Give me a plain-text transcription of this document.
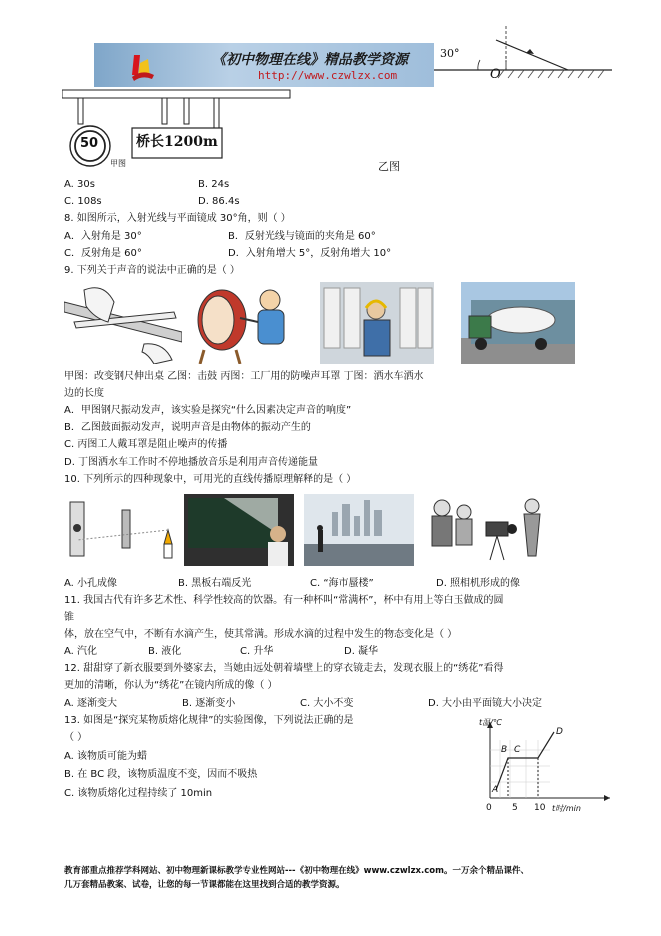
《初中物理在线》精品教学资源
http://www.czwlzx.com
30°
O
50	桥长1200m
甲图	乙图
A. 30s	B. 24s
C. 108s	D. 86.4s
8. 如图所示，入射光线与平面镜成 30°角，则（ ）
A．入射角是 30°	B．反射光线与镜面的夹角是 60°
C．反射角是 60°	D．入射角增大 5°，反射角增大 10°
9. 下列关于声音的说法中正确的是（ ）
甲图：改变钢尺伸出桌 乙图：击鼓 丙图：工厂用的防噪声耳罩 丁图：洒水车洒水
边的长度
A．甲图钢尺振动发声，该实验是探究“什么因素决定声音的响度”
B．乙图鼓面振动发声，说明声音是由物体的振动产生的
C. 丙图工人戴耳罩是阻止噪声的传播
D. 丁图洒水车工作时不停地播放音乐是利用声音传递能量
10. 下列所示的四种现象中，可用光的直线传播原理解释的是（ ）
A. 小孔成像	B. 黑板右端反光	C. “海市蜃楼”	D. 照相机形成的像
11. 我国古代有许多艺术性、科学性较高的饮器。有一种杯叫“常满杯”，杯中有用上等白玉做成的圆
锥
体，放在空气中，不断有水滴产生，使其常满。形成水滴的过程中发生的物态变化是（ ）
A. 汽化	B. 液化	C. 升华	D. 凝华
12. 甜甜穿了新衣服要到外婆家去，当她由远处朝着墙壁上的穿衣镜走去，发现衣服上的“绣花”看得
更加的清晰，你认为“绣花”在镜内所成的像（ ）
A. 逐渐变大	B. 逐渐变小	C. 大小不变	D. 大小由平面镜大小决定
13. 如图是“探究某物质熔化规律”的实验图像，下列说法正确的是
（ ）
A. 该物质可能为蜡
B. 在 BC 段，该物质温度不变，因而不吸热
C. 该物质熔化过程持续了 10min
t温/℃
t时/min
0 5 10
A
B C
D
教育部重点推荐学科网站、初中物理新课标教学专业性网站---《初中物理在线》www.czwlzx.com。一万余个精品课件、
几万套精品教案、试卷，让您的每一节课都能在这里找到合适的教学资源。
